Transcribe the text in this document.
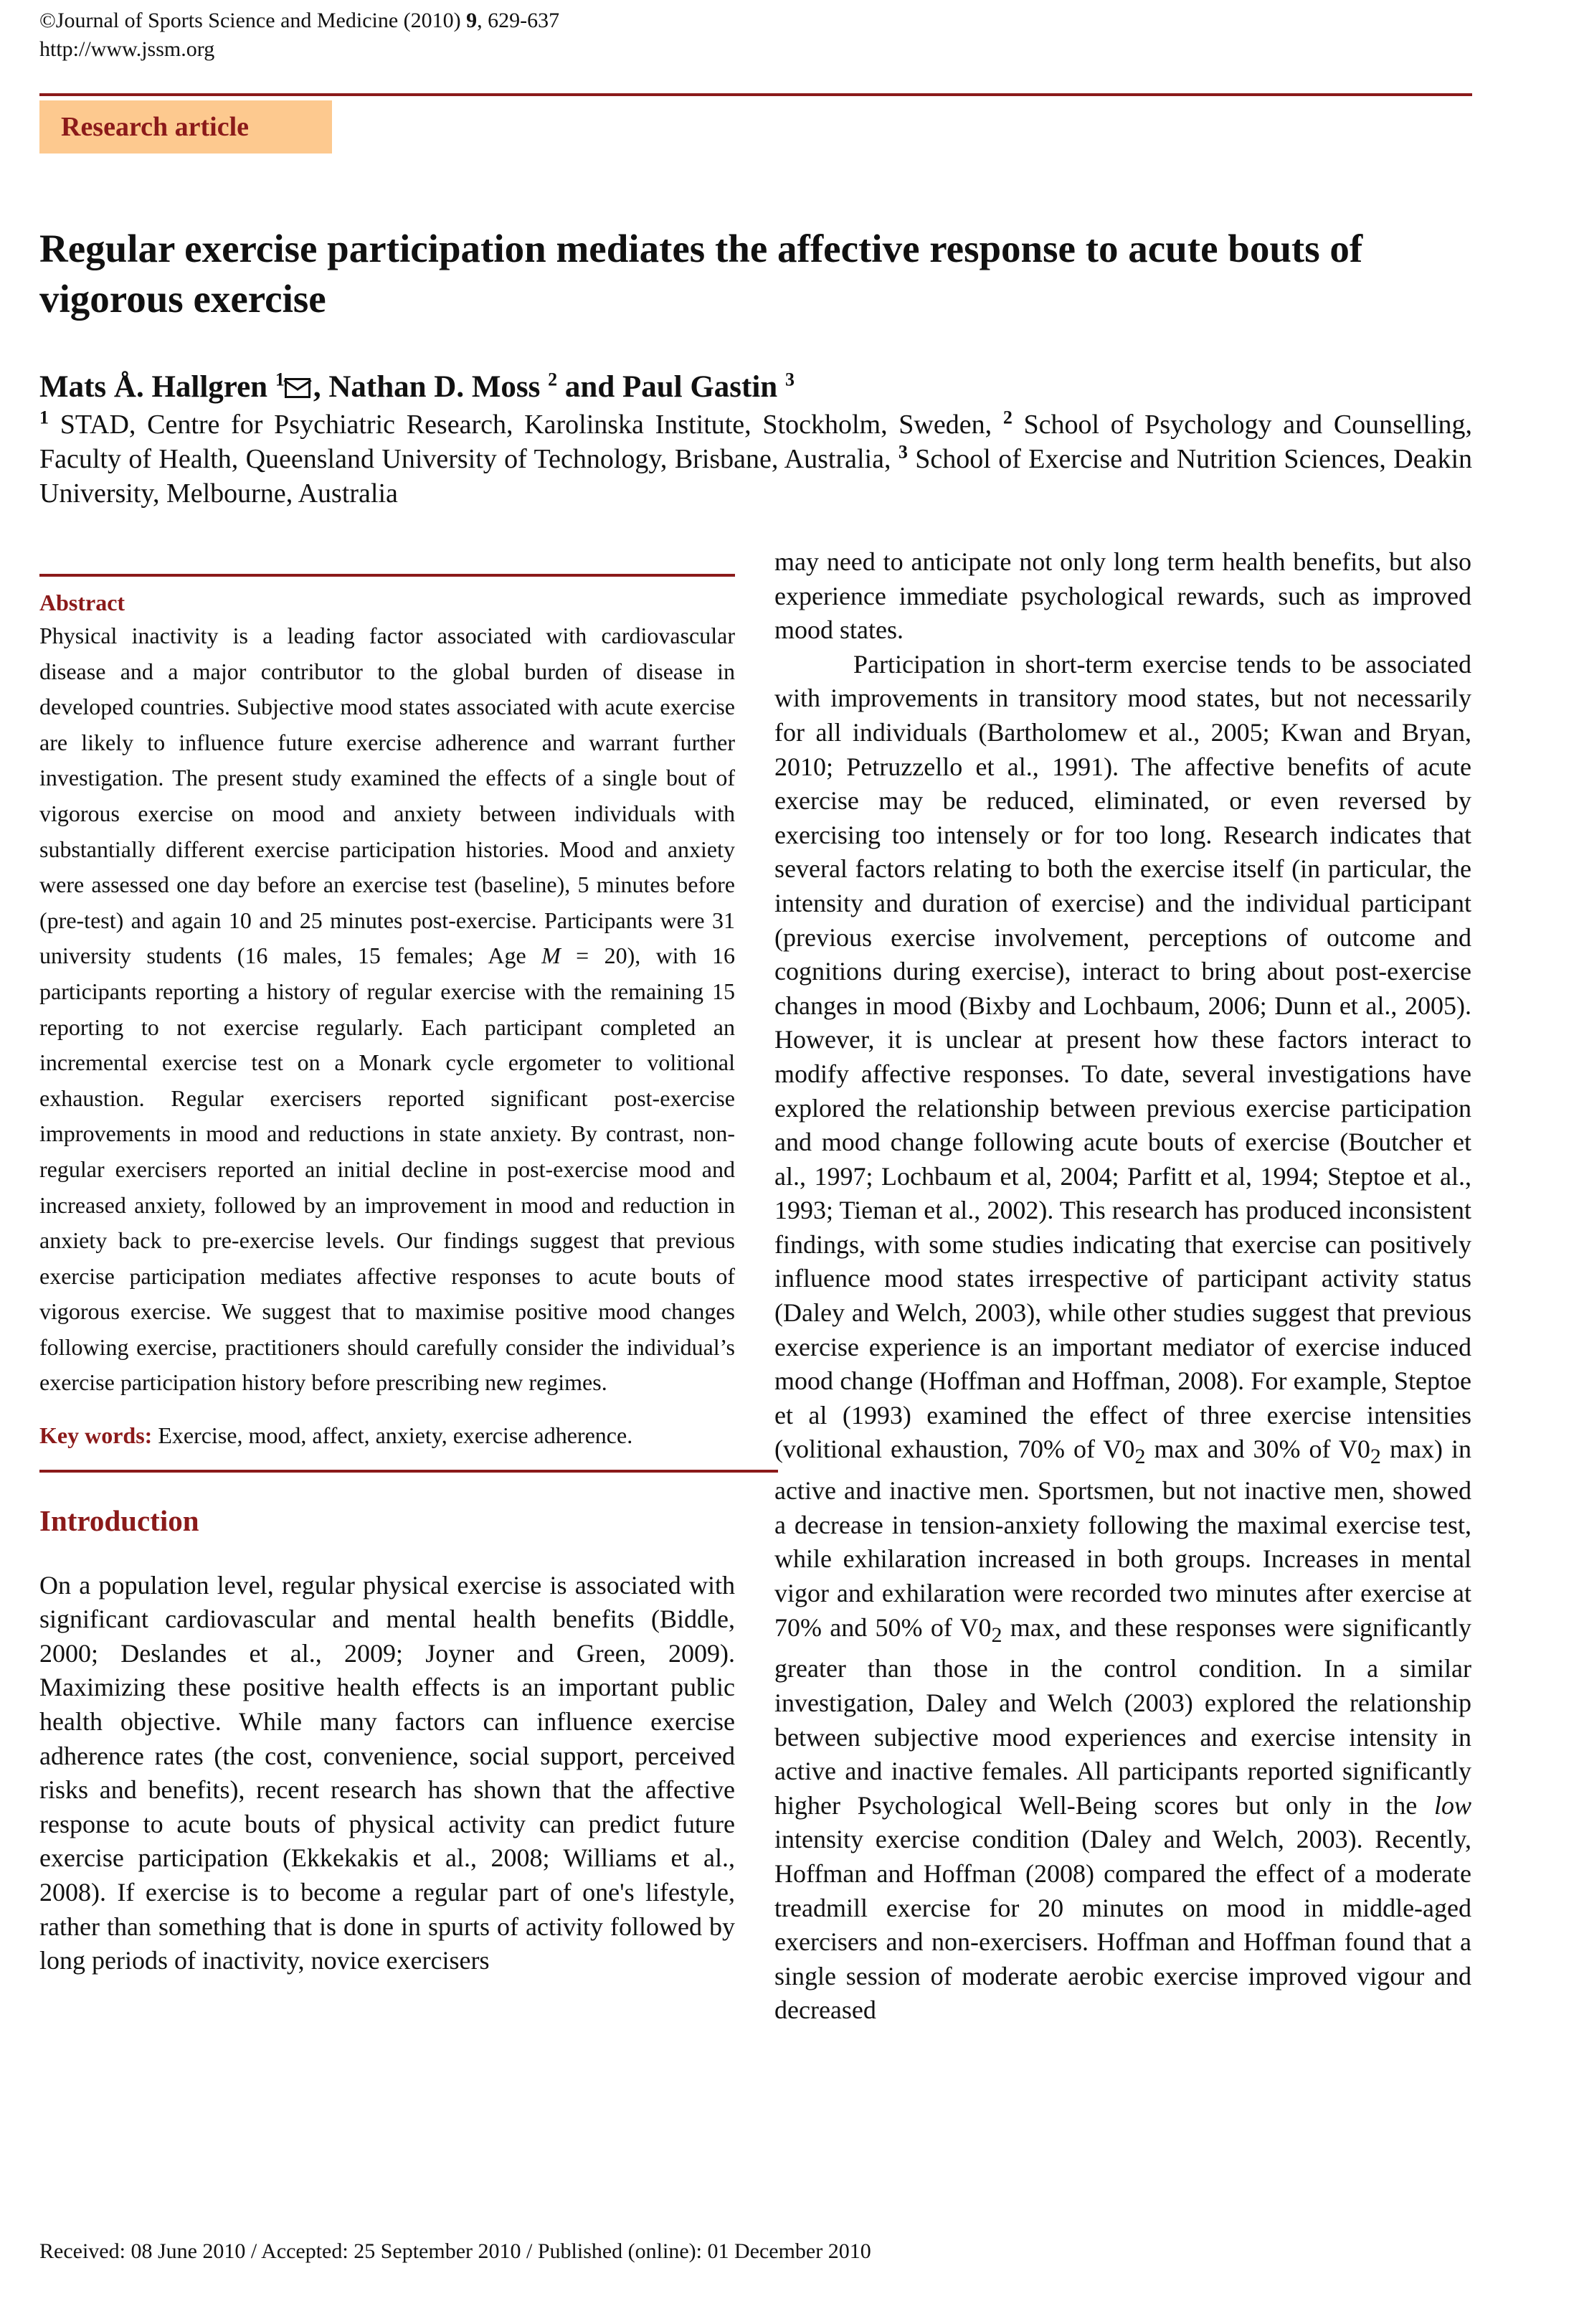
©Journal of Sports Science and Medicine (2010) 9, 629-637
http://www.jssm.org
Research article
Regular exercise participation mediates the affective response to acute bouts of vigorous exercise
Mats Å. Hallgren $^1$ , Nathan D. Moss $^2$ and Paul Gastin $^3$
$^1$ STAD, Centre for Psychiatric Research, Karolinska Institute, Stockholm, Sweden, $^2$ School of Psychology and Counselling, Faculty of Health, Queensland University of Technology, Brisbane, Australia, $^3$ School of Exercise and Nutrition Sciences, Deakin University, Melbourne, Australia
Abstract

Physical inactivity is a leading factor associated with cardiovascular disease and a major contributor to the global burden of disease in developed countries. Subjective mood states associated with acute exercise are likely to influence future exercise adherence and warrant further investigation. The present study examined the effects of a single bout of vigorous exercise on mood and anxiety between individuals with substantially different exercise participation histories. Mood and anxiety were assessed one day before an exercise test (baseline), 5 minutes before (pre-test) and again 10 and 25 minutes post-exercise. Participants were 31 university students (16 males, 15 females; Age M = 20), with 16 participants reporting a history of regular exercise with the remaining 15 reporting to not exercise regularly. Each participant completed an incremental exercise test on a Monark cycle ergometer to volitional exhaustion. Regular exercisers reported significant post-exercise improvements in mood and reductions in state anxiety. By contrast, non-regular exercisers reported an initial decline in post-exercise mood and increased anxiety, followed by an improvement in mood and reduction in anxiety back to pre-exercise levels. Our findings suggest that previous exercise participation mediates affective responses to acute bouts of vigorous exercise. We suggest that to maximise positive mood changes following exercise, practitioners should carefully consider the individual’s exercise participation history before prescribing new regimes.

Key words: Exercise, mood, affect, anxiety, exercise adherence.
Introduction

On a population level, regular physical exercise is associated with significant cardiovascular and mental health benefits (Biddle, 2000; Deslandes et al., 2009; Joyner and Green, 2009). Maximizing these positive health effects is an important public health objective. While many factors can influence exercise adherence rates (the cost, convenience, social support, perceived risks and benefits), recent research has shown that the affective response to acute bouts of physical activity can predict future exercise participation (Ekkekakis et al., 2008; Williams et al., 2008). If exercise is to become a regular part of one's lifestyle, rather than something that is done in spurts of activity followed by long periods of inactivity, novice exercisers

may need to anticipate not only long term health benefits, but also experience immediate psychological rewards, such as improved mood states.

Participation in short-term exercise tends to be associated with improvements in transitory mood states, but not necessarily for all individuals (Bartholomew et al., 2005; Kwan and Bryan, 2010; Petruzzello et al., 1991). The affective benefits of acute exercise may be reduced, eliminated, or even reversed by exercising too intensely or for too long. Research indicates that several factors relating to both the exercise itself (in particular, the intensity and duration of exercise) and the individual participant (previous exercise involvement, perceptions of outcome and cognitions during exercise), interact to bring about post-exercise changes in mood (Bixby and Lochbaum, 2006; Dunn et al., 2005). However, it is unclear at present how these factors interact to modify affective responses. To date, several investigations have explored the relationship between previous exercise participation and mood change following acute bouts of exercise (Boutcher et al., 1997; Lochbaum et al, 2004; Parfitt et al, 1994; Steptoe et al., 1993; Tieman et al., 2002). This research has produced inconsistent findings, with some studies indicating that exercise can positively influence mood states irrespective of participant activity status (Daley and Welch, 2003), while other studies suggest that previous exercise experience is an important mediator of exercise induced mood change (Hoffman and Hoffman, 2008). For example, Steptoe et al (1993) examined the effect of three exercise intensities (volitional exhaustion, 70% of $V0_2$ max and 30% of $V0_2$ max) in active and inactive men. Sportsmen, but not inactive men, showed a decrease in tension-anxiety following the maximal exercise test, while exhilaration increased in both groups. Increases in mental vigor and exhilaration were recorded two minutes after exercise at 70% and 50% of $V0_2$ max, and these responses were significantly greater than those in the control condition. In a similar investigation, Daley and Welch (2003) explored the relationship between subjective mood experiences and exercise intensity in active and inactive females. All participants reported significantly higher Psychological Well-Being scores but only in the low intensity exercise condition (Daley and Welch, 2003). Recently, Hoffman and Hoffman (2008) compared the effect of a moderate treadmill exercise for 20 minutes on mood in middle-aged exercisers and non-exercisers. Hoffman and Hoffman found that a single session of moderate aerobic exercise improved vigour and decreased

Received: 08 June 2010 / Accepted: 25 September 2010 / Published (online): 01 December 2010
